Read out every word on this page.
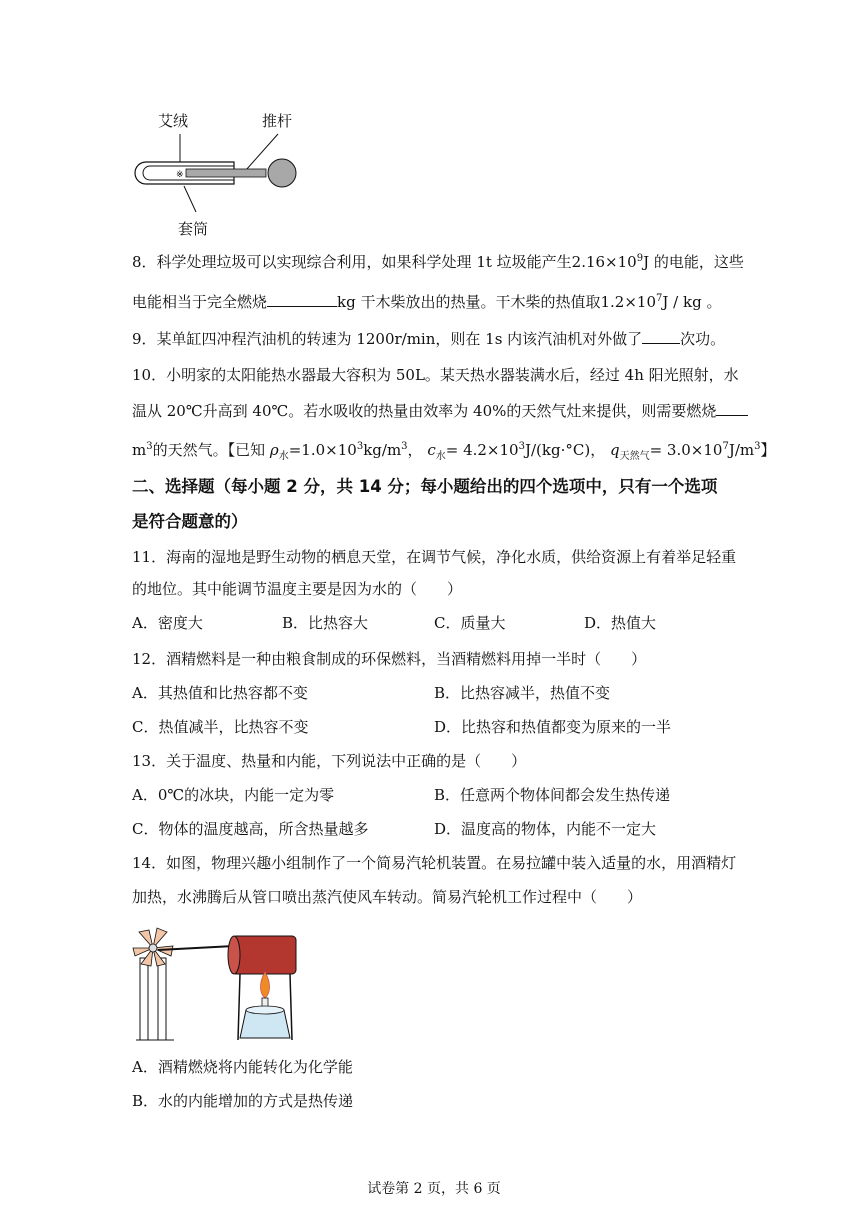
艾绒	推杆
套筒
※
8．科学处理垃圾可以实现综合利用，如果科学处理 1t 垃圾能产生$2.16\times 10^9J$ 的电能，这些
电能相当于完全燃烧	kg 干木柴放出的热量。干木柴的热值取$1.2\times 10^7J$ / kg 。
9．某单缸四冲程汽油机的转速为 1200r/min，则在 1s 内该汽油机对外做了	次功。
10．小明家的太阳能热水器最大容积为 50L。某天热水器装满水后，经过 4h 阳光照射，水
温从 20℃升高到 40℃。若水吸收的热量由效率为 40%的天然气灶来提供，则需要燃烧
$m^3$的天然气。【已知 $\rho_水=1.0\times 10^3kg/m^3$， $c_水= 4.2\times 10^3J/(kg\cdot^\circ C)$， $q_{天然气}= 3.0\times 10^7J/m^3$】
二、选择题（每小题 2 分，共 14 分；每小题给出的四个选项中，只有一个选项
是符合题意的）
11．海南的湿地是野生动物的栖息天堂，在调节气候，净化水质，供给资源上有着举足轻重
的地位。其中能调节温度主要是因为水的（　　）
A．密度大	B．比热容大	C．质量大	D．热值大
12．酒精燃料是一种由粮食制成的环保燃料，当酒精燃料用掉一半时（　　）
A．其热值和比热容都不变	B．比热容减半，热值不变
C．热值减半，比热容不变	D．比热容和热值都变为原来的一半
13．关于温度、热量和内能，下列说法中正确的是（　　）
A．0℃的冰块，内能一定为零	B．任意两个物体间都会发生热传递
C．物体的温度越高，所含热量越多	D．温度高的物体，内能不一定大
14．如图，物理兴趣小组制作了一个简易汽轮机装置。在易拉罐中装入适量的水，用酒精灯
加热，水沸腾后从管口喷出蒸汽使风车转动。简易汽轮机工作过程中（　　）
A．酒精燃烧将内能转化为化学能
B．水的内能增加的方式是热传递
试卷第 2 页，共 6 页
